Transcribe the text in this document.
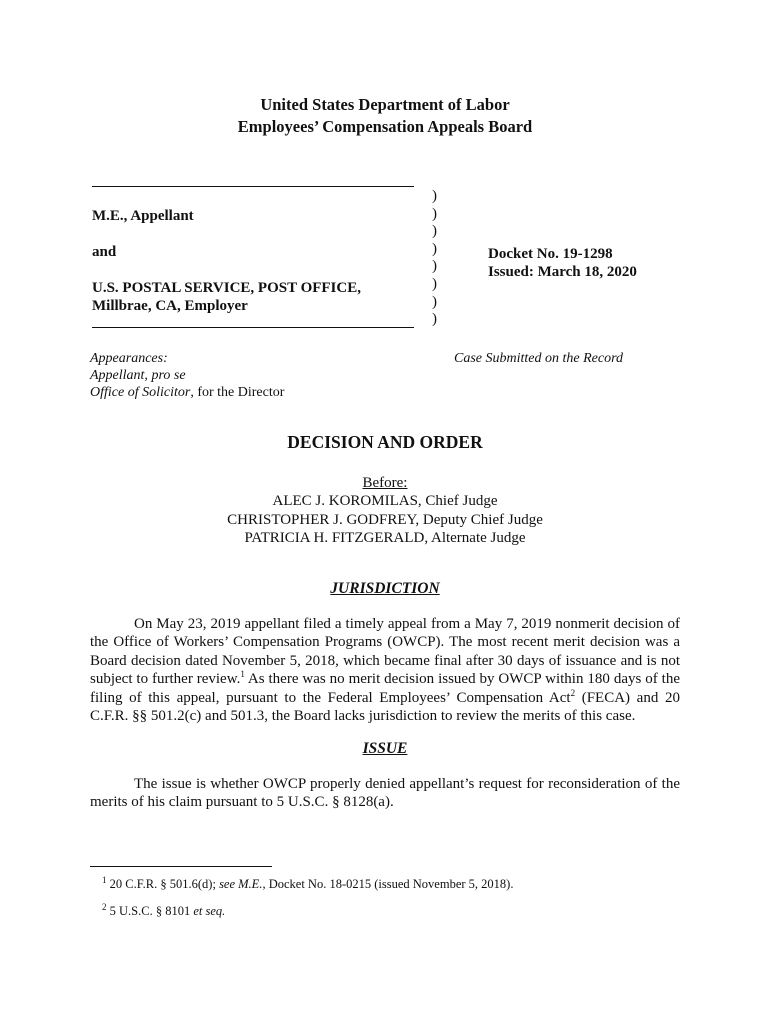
United States Department of Labor
Employees’ Compensation Appeals Board
M.E., Appellant
and
U.S. POSTAL SERVICE, POST OFFICE,
Millbrae, CA, Employer
)
)
)
)
)
)
)
)
Docket No. 19-1298
Issued: March 18, 2020
Appearances:
Appellant, pro se
Office of Solicitor, for the Director
Case Submitted on the Record
DECISION AND ORDER
Before:
ALEC J. KOROMILAS, Chief Judge
CHRISTOPHER J. GODFREY, Deputy Chief Judge
PATRICIA H. FITZGERALD, Alternate Judge
JURISDICTION
On May 23, 2019 appellant filed a timely appeal from a May 7, 2019 nonmerit decision of the Office of Workers’ Compensation Programs (OWCP). The most recent merit decision was a Board decision dated November 5, 2018, which became final after 30 days of issuance and is not subject to further review.$^1$ As there was no merit decision issued by OWCP within 180 days of the filing of this appeal, pursuant to the Federal Employees’ Compensation Act$^2$ (FECA) and 20 C.F.R. §§ 501.2(c) and 501.3, the Board lacks jurisdiction to review the merits of this case.
ISSUE
The issue is whether OWCP properly denied appellant’s request for reconsideration of the merits of his claim pursuant to 5 U.S.C. § 8128(a).
$^1$ 20 C.F.R. § 501.6(d); see M.E., Docket No. 18-0215 (issued November 5, 2018).
$^2$ 5 U.S.C. § 8101 et seq.
